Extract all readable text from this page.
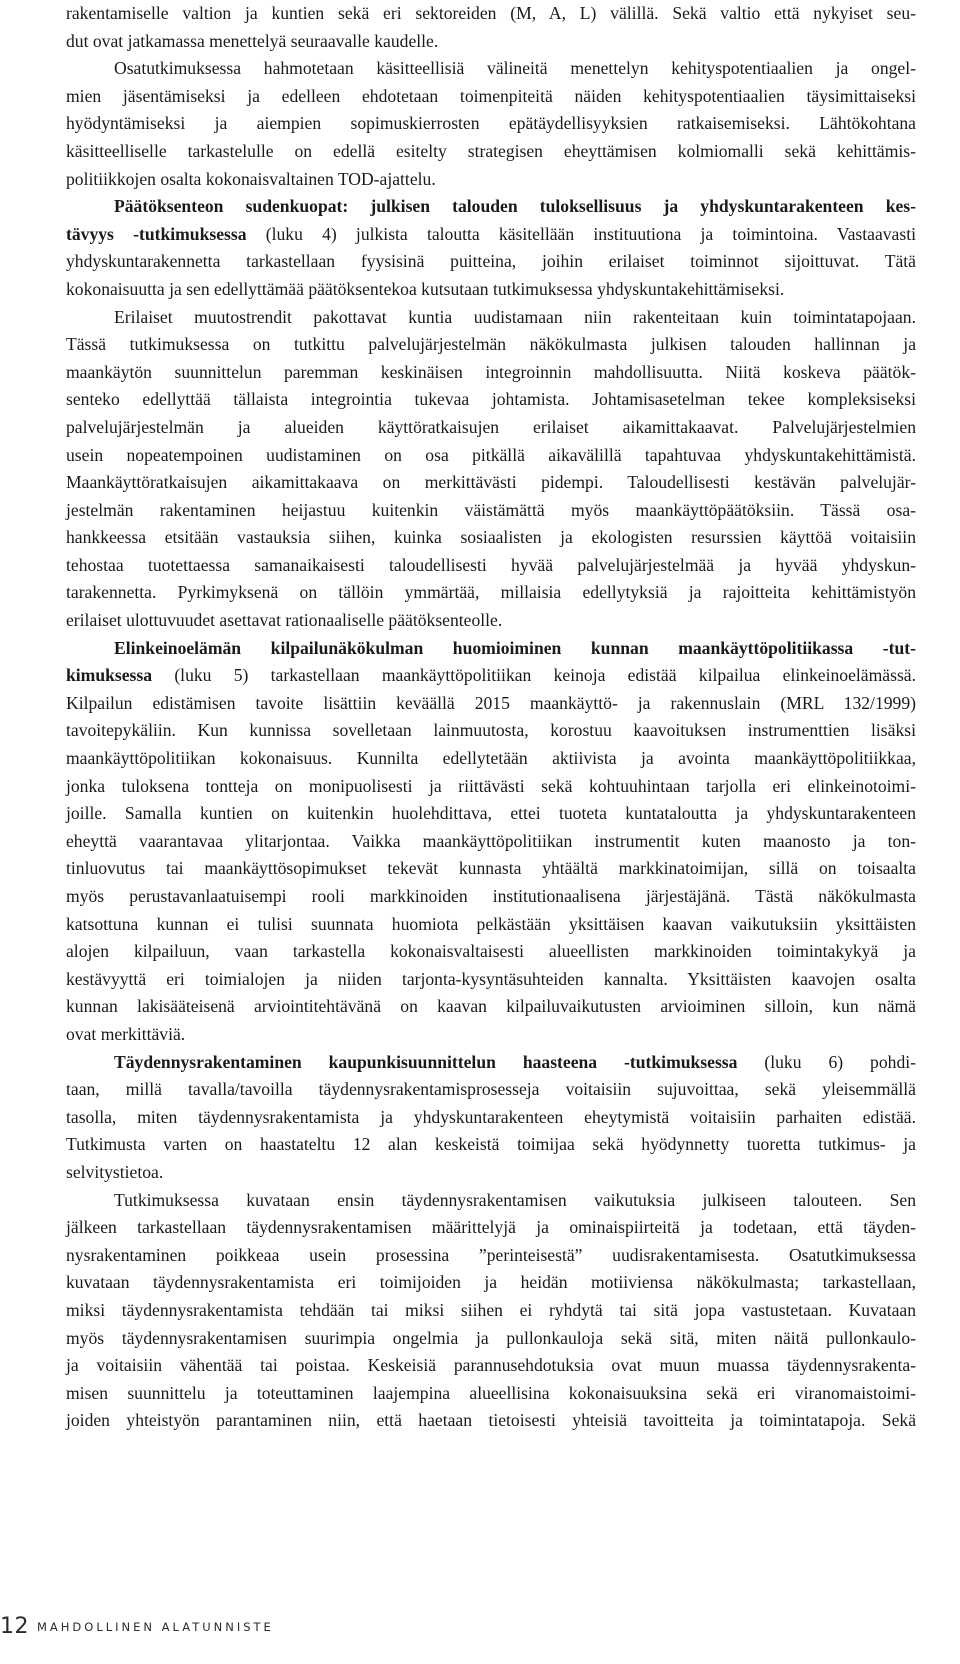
rakentamiselle valtion ja kuntien sekä eri sektoreiden (M, A, L) välillä. Sekä valtio että nykyiset seu-
dut ovat jatkamassa menettelyä seuraavalle kaudelle.

Osatutkimuksessa hahmotetaan käsitteellisiä välineitä menettelyn kehityspotentiaalien ja ongel-
mien jäsentämiseksi ja edelleen ehdotetaan toimenpiteitä näiden kehityspotentiaalien täysimittaiseksi
hyödyntämiseksi ja aiempien sopimuskierrosten epätäydellisyyksien ratkaisemiseksi. Lähtökohtana
käsitteelliselle tarkastelulle on edellä esitelty strategisen eheyttämisen kolmiomalli sekä kehittämis-
politiikkojen osalta kokonaisvaltainen TOD-ajattelu.

Päätöksenteon sudenkuopat: julkisen talouden tuloksellisuus ja yhdyskuntarakenteen kes-
tävyys -tutkimuksessa (luku 4) julkista taloutta käsitellään instituutiona ja toimintoina. Vastaavasti
yhdyskuntarakennetta tarkastellaan fyysisinä puitteina, joihin erilaiset toiminnot sijoittuvat. Tätä
kokonaisuutta ja sen edellyttämää päätöksentekoa kutsutaan tutkimuksessa yhdyskuntakehittämiseksi.

Erilaiset muutostrendit pakottavat kuntia uudistamaan niin rakenteitaan kuin toimintatapojaan.
Tässä tutkimuksessa on tutkittu palvelujärjestelmän näkökulmasta julkisen talouden hallinnan ja
maankäytön suunnittelun paremman keskinäisen integroinnin mahdollisuutta. Niitä koskeva päätök-
senteko edellyttää tällaista integrointia tukevaa johtamista. Johtamisasetelman tekee kompleksiseksi
palvelujärjestelmän ja alueiden käyttöratkaisujen erilaiset aikamittakaavat. Palvelujärjestelmien
usein nopeatempoinen uudistaminen on osa pitkällä aikavälillä tapahtuvaa yhdyskuntakehittämistä.
Maankäyttöratkaisujen aikamittakaava on merkittävästi pidempi. Taloudellisesti kestävän palvelujär-
jestelmän rakentaminen heijastuu kuitenkin väistämättä myös maankäyttöpäätöksiin. Tässä osa-
hankkeessa etsitään vastauksia siihen, kuinka sosiaalisten ja ekologisten resurssien käyttöä voitaisiin
tehostaa tuotettaessa samanaikaisesti taloudellisesti hyvää palvelujärjestelmää ja hyvää yhdyskun-
tarakennetta. Pyrkimyksenä on tällöin ymmärtää, millaisia edellytyksiä ja rajoitteita kehittämistyön
erilaiset ulottuvuudet asettavat rationaaliselle päätöksenteolle.

Elinkeinoelämän kilpailunäkökulman huomioiminen kunnan maankäyttöpolitiikassa -tut-
kimuksessa (luku 5) tarkastellaan maankäyttöpolitiikan keinoja edistää kilpailua elinkeinoelämässä.
Kilpailun edistämisen tavoite lisättiin keväällä 2015 maankäyttö- ja rakennuslain (MRL 132/1999)
tavoitepykäliin. Kun kunnissa sovelletaan lainmuutosta, korostuu kaavoituksen instrumenttien lisäksi
maankäyttöpolitiikan kokonaisuus. Kunnilta edellytetään aktiivista ja avointa maankäyttöpolitiikkaa,
jonka tuloksena tontteja on monipuolisesti ja riittävästi sekä kohtuuhintaan tarjolla eri elinkeinotoimi-
joille. Samalla kuntien on kuitenkin huolehdittava, ettei tuoteta kuntataloutta ja yhdyskuntarakenteen
eheyttä vaarantavaa ylitarjontaa. Vaikka maankäyttöpolitiikan instrumentit kuten maanosto ja ton-
tinluovutus tai maankäyttösopimukset tekevät kunnasta yhtäältä markkinatoimijan, sillä on toisaalta
myös perustavanlaatuisempi rooli markkinoiden institutionaalisena järjestäjänä. Tästä näkökulmasta
katsottuna kunnan ei tulisi suunnata huomiota pelkästään yksittäisen kaavan vaikutuksiin yksittäisten
alojen kilpailuun, vaan tarkastella kokonaisvaltaisesti alueellisten markkinoiden toimintakykyä ja
kestävyyttä eri toimialojen ja niiden tarjonta-kysyntäsuhteiden kannalta. Yksittäisten kaavojen osalta
kunnan lakisääteisenä arviointitehtävänä on kaavan kilpailuvaikutusten arvioiminen silloin, kun nämä
ovat merkittäviä.

Täydennysrakentaminen kaupunkisuunnittelun haasteena -tutkimuksessa (luku 6) pohdi-
taan, millä tavalla/tavoilla täydennysrakentamisprosesseja voitaisiin sujuvoittaa, sekä yleisemmällä
tasolla, miten täydennysrakentamista ja yhdyskuntarakenteen eheytymistä voitaisiin parhaiten edistää.
Tutkimusta varten on haastateltu 12 alan keskeistä toimijaa sekä hyödynnetty tuoretta tutkimus- ja
selvitystietoa.

Tutkimuksessa kuvataan ensin täydennysrakentamisen vaikutuksia julkiseen talouteen. Sen
jälkeen tarkastellaan täydennysrakentamisen määrittelyjä ja ominaispiirteitä ja todetaan, että täyden-
nysrakentaminen poikkeaa usein prosessina ”perinteisestä” uudisrakentamisesta. Osatutkimuksessa
kuvataan täydennysrakentamista eri toimijoiden ja heidän motiiviensa näkökulmasta; tarkastellaan,
miksi täydennysrakentamista tehdään tai miksi siihen ei ryhdytä tai sitä jopa vastustetaan. Kuvataan
myös täydennysrakentamisen suurimpia ongelmia ja pullonkauloja sekä sitä, miten näitä pullonkaulo-
ja voitaisiin vähentää tai poistaa. Keskeisiä parannusehdotuksia ovat muun muassa täydennysrakenta-
misen suunnittelu ja toteuttaminen laajempina alueellisina kokonaisuuksina sekä eri viranomaistoimi-
joiden yhteistyön parantaminen niin, että haetaan tietoisesti yhteisiä tavoitteita ja toimintatapoja. Sekä

12 MAHDOLLINEN ALATUNNISTE
